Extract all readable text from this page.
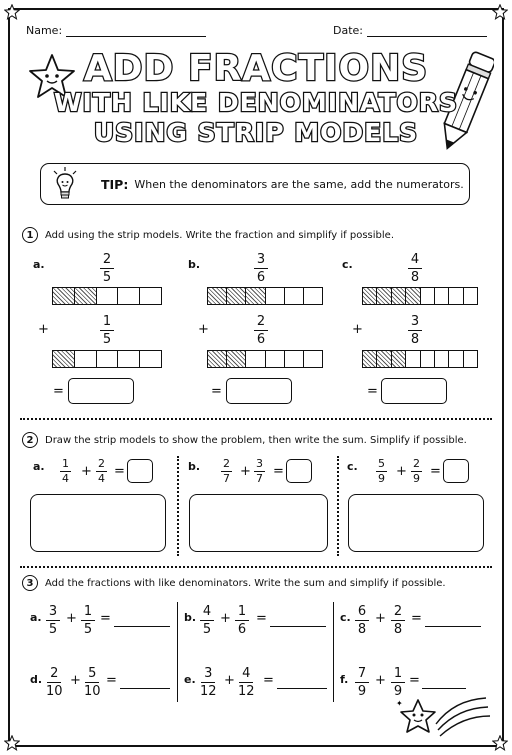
Name:	Date:
ADD FRACTIONS
WITH LIKE DENOMINATORS
USING STRIP MODELS
TIP: When the denominators are the same, add the numerators.
1	Add using the strip models. Write the fraction and simplify if possible.
a.	2
5
+
1
5
=
b.	3
6
+
2
6
=
c.	4
8
+
3
8
=
2	Draw the strip models to show the problem, then write the sum. Simplify if possible.
a. 1
4 +
2
4 =	b. 2
7 +
3
7 =	c. 5
9 +
2
9 =
3	Add the fractions with like denominators. Write the sum and simplify if possible.
a. 3
5
+ 1
5
=	b. 4
5
+ 1
6
=	c. 6
8
+ 2
8
=
d. 2
10
+ 5
10
=	e. 3
12
+ 4
12
=	f. 7
9
+ 1
9
=
✦
